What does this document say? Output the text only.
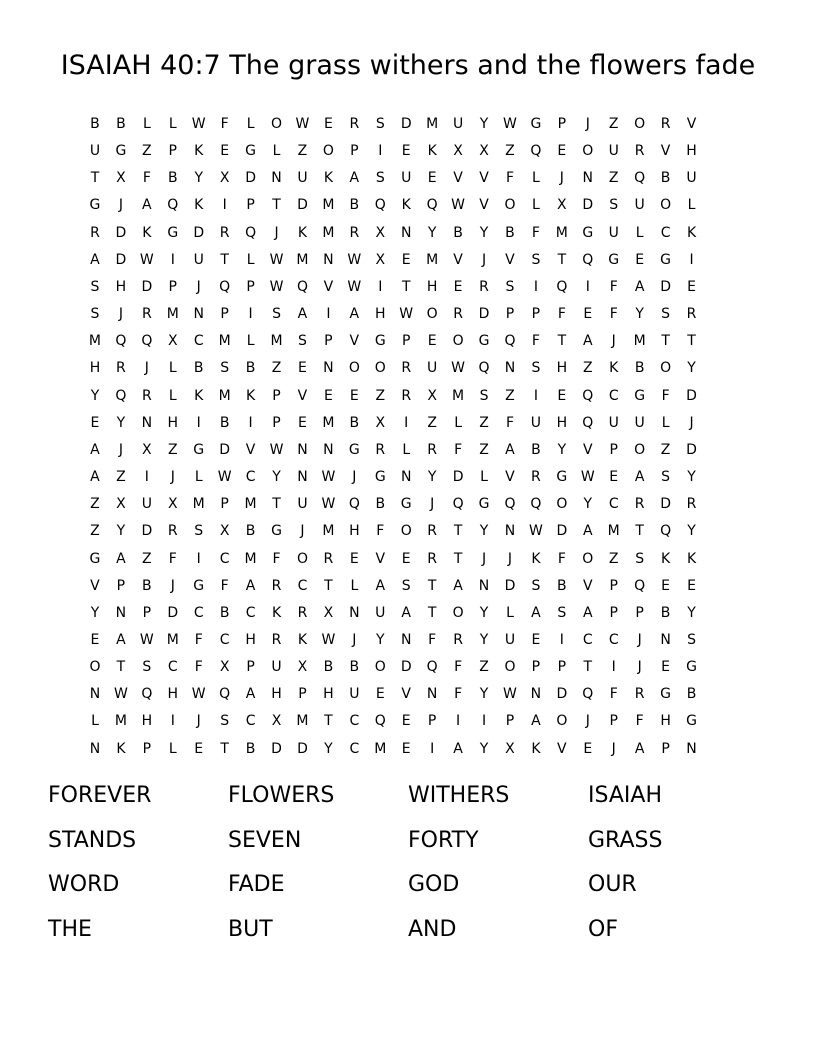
ISAIAH 40:7 The grass withers and the flowers fade
B	B	L	L	W	F	L	O W	E	R	S	D	M	U	Y	W G	P	J	Z	O	R	V
U	G	Z	P	K	E	G	L	Z	O	P	I	E	K	X	X	Z	Q	E	O	U	R	V	H
T	X	F	B	Y	X	D	N	U	K	A	S	U	E	V	V	F	L	J	N	Z	Q	B	U
G	J	A	Q	K	I	P	T	D	M	B	Q	K	Q W	V	O	L	X	D	S	U	O	L
R	D	K	G	D	R	Q	J	K	M	R	X	N	Y	B	Y	B	F	M	G	U	L	C	K
A	D W	I	U	T	L	W M	N W	X	E	M	V	J	V	S	T	Q	G	E	G	I
S	H	D	P	J	Q	P	W Q	V	W	I	T	H	E	R	S	I	Q	I	F	A	D	E
S	J	R	M	N	P	I	S	A	I	A	H W O	R	D	P	P	F	E	F	Y	S	R
M	Q	Q	X	C	M	L	M	S	P	V	G	P	E	O	G	Q	F	T	A	J	M	T	T
H	R	J	L	B	S	B	Z	E	N	O	O	R	U W Q	N	S	H	Z	K	B	O	Y
Y	Q	R	L	K	M	K	P	V	E	E	Z	R	X	M	S	Z	I	E	Q	C	G	F	D
E	Y	N	H	I	B	I	P	E	M	B	X	I	Z	L	Z	F	U	H	Q	U	U	L	J
A	J	X	Z	G	D	V	W N	N	G	R	L	R	F	Z	A	B	Y	V	P	O	Z	D
A	Z	I	J	L	W	C	Y	N W	J	G	N	Y	D	L	V	R	G W	E	A	S	Y
Z	X	U	X	M	P	M	T	U W Q	B	G	J	Q	G	Q	Q	O	Y	C	R	D	R
Z	Y	D	R	S	X	B	G	J	M	H	F	O	R	T	Y	N W D	A	M	T	Q	Y
G	A	Z	F	I	C	M	F	O	R	E	V	E	R	T	J	J	K	F	O	Z	S	K	K
V	P	B	J	G	F	A	R	C	T	L	A	S	T	A	N	D	S	B	V	P	Q	E	E
Y	N	P	D	C	B	C	K	R	X	N	U	A	T	O	Y	L	A	S	A	P	P	B	Y
E	A	W M	F	C	H	R	K	W	J	Y	N	F	R	Y	U	E	I	C	C	J	N	S
O	T	S	C	F	X	P	U	X	B	B	O	D	Q	F	Z	O	P	P	T	I	J	E	G
N W Q	H W Q	A	H	P	H	U	E	V	N	F	Y	W N	D	Q	F	R	G	B
L	M	H	I	J	S	C	X	M	T	C	Q	E	P	I	I	P	A	O	J	P	F	H	G
N	K	P	L	E	T	B	D	D	Y	C	M	E	I	A	Y	X	K	V	E	J	A	P	N
FOREVER	FLOWERS	WITHERS	ISAIAH
STANDS	SEVEN	FORTY	GRASS
WORD	FADE	GOD	OUR
THE	BUT	AND	OF
